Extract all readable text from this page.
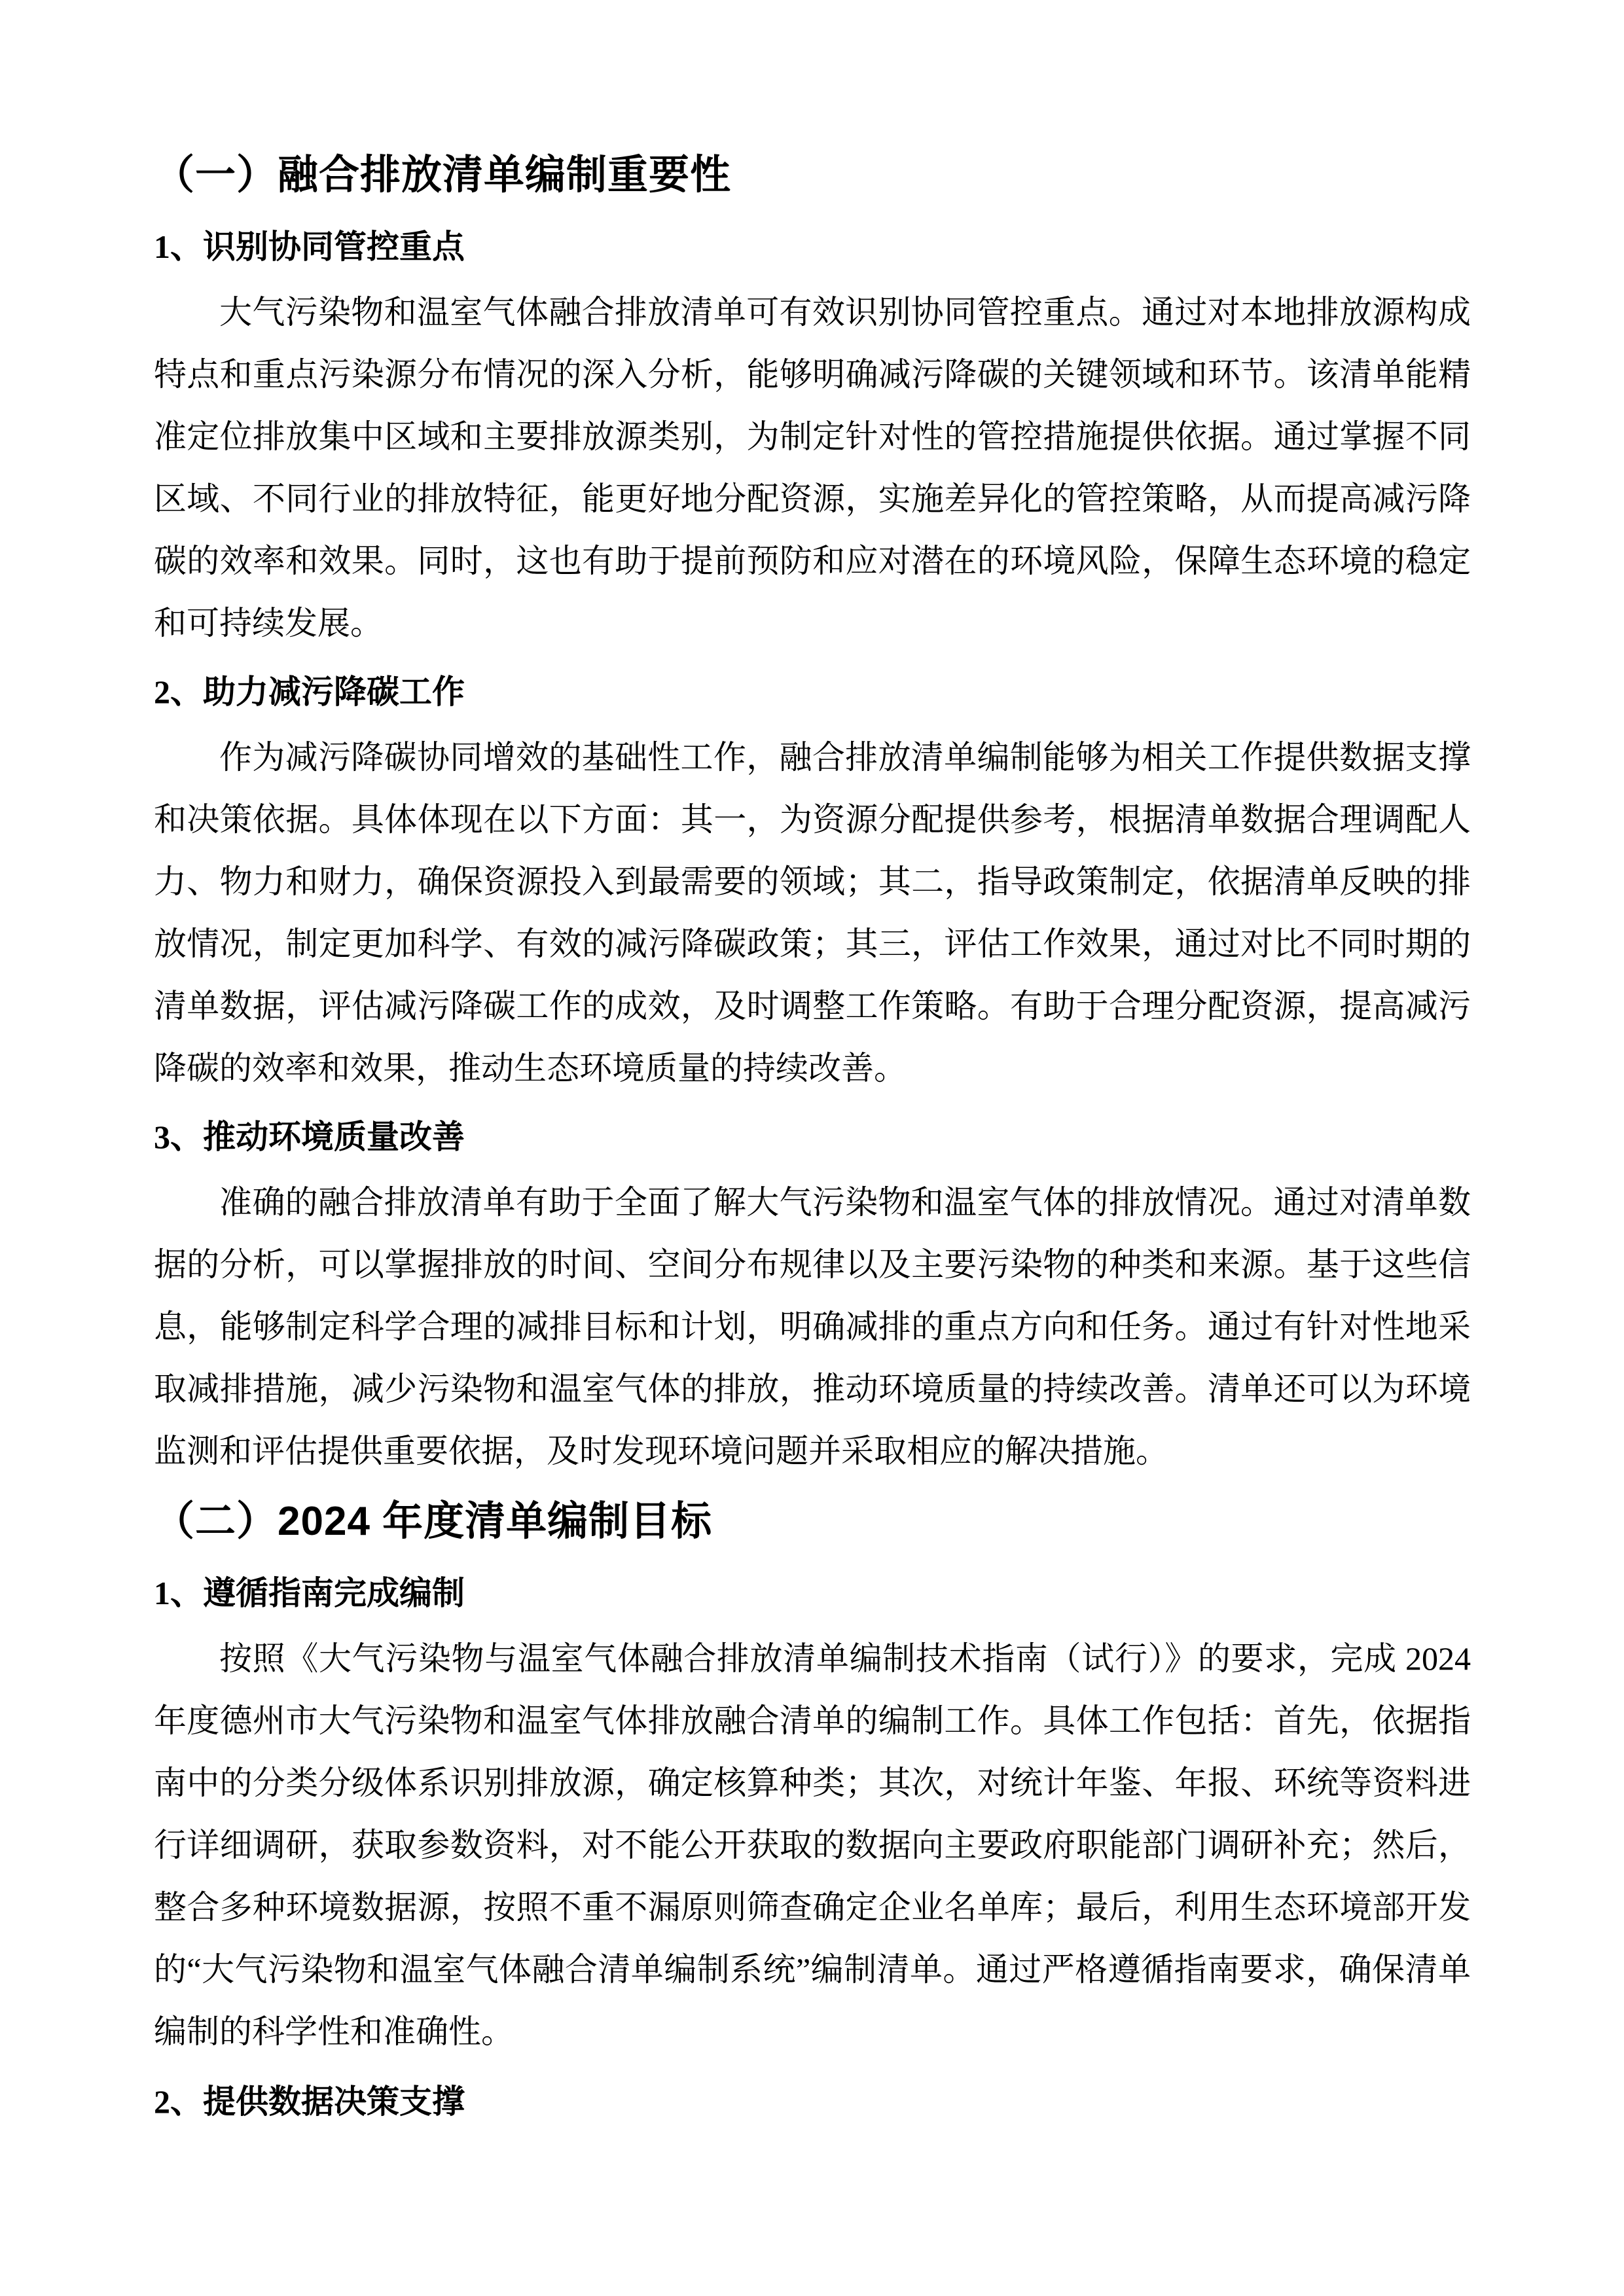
（一）融合排放清单编制重要性
1、识别协同管控重点

大气污染物和温室气体融合排放清单可有效识别协同管控重点。通过对本地排放源构成特点和重点污染源分布情况的深入分析，能够明确减污降碳的关键领域和环节。该清单能精准定位排放集中区域和主要排放源类别，为制定针对性的管控措施提供依据。通过掌握不同区域、不同行业的排放特征，能更好地分配资源，实施差异化的管控策略，从而提高减污降碳的效率和效果。同时，这也有助于提前预防和应对潜在的环境风险，保障生态环境的稳定和可持续发展。

2、助力减污降碳工作

作为减污降碳协同增效的基础性工作，融合排放清单编制能够为相关工作提供数据支撑和决策依据。具体体现在以下方面：其一，为资源分配提供参考，根据清单数据合理调配人力、物力和财力，确保资源投入到最需要的领域；其二，指导政策制定，依据清单反映的排放情况，制定更加科学、有效的减污降碳政策；其三，评估工作效果，通过对比不同时期的清单数据，评估减污降碳工作的成效，及时调整工作策略。有助于合理分配资源，提高减污降碳的效率和效果，推动生态环境质量的持续改善。

3、推动环境质量改善

准确的融合排放清单有助于全面了解大气污染物和温室气体的排放情况。通过对清单数据的分析，可以掌握排放的时间、空间分布规律以及主要污染物的种类和来源。基于这些信息，能够制定科学合理的减排目标和计划，明确减排的重点方向和任务。通过有针对性地采取减排措施，减少污染物和温室气体的排放，推动环境质量的持续改善。清单还可以为环境监测和评估提供重要依据，及时发现环境问题并采取相应的解决措施。

（二）2024 年度清单编制目标
1、遵循指南完成编制

按照《大气污染物与温室气体融合排放清单编制技术指南（试行）》的要求，完成 2024 年度德州市大气污染物和温室气体排放融合清单的编制工作。具体工作包括：首先，依据指南中的分类分级体系识别排放源，确定核算种类；其次，对统计年鉴、年报、环统等资料进行详细调研，获取参数资料，对不能公开获取的数据向主要政府职能部门调研补充；然后，整合多种环境数据源，按照不重不漏原则筛查确定企业名单库；最后，利用生态环境部开发的“大气污染物和温室气体融合清单编制系统”编制清单。通过严格遵循指南要求，确保清单编制的科学性和准确性。

2、提供数据决策支撑
